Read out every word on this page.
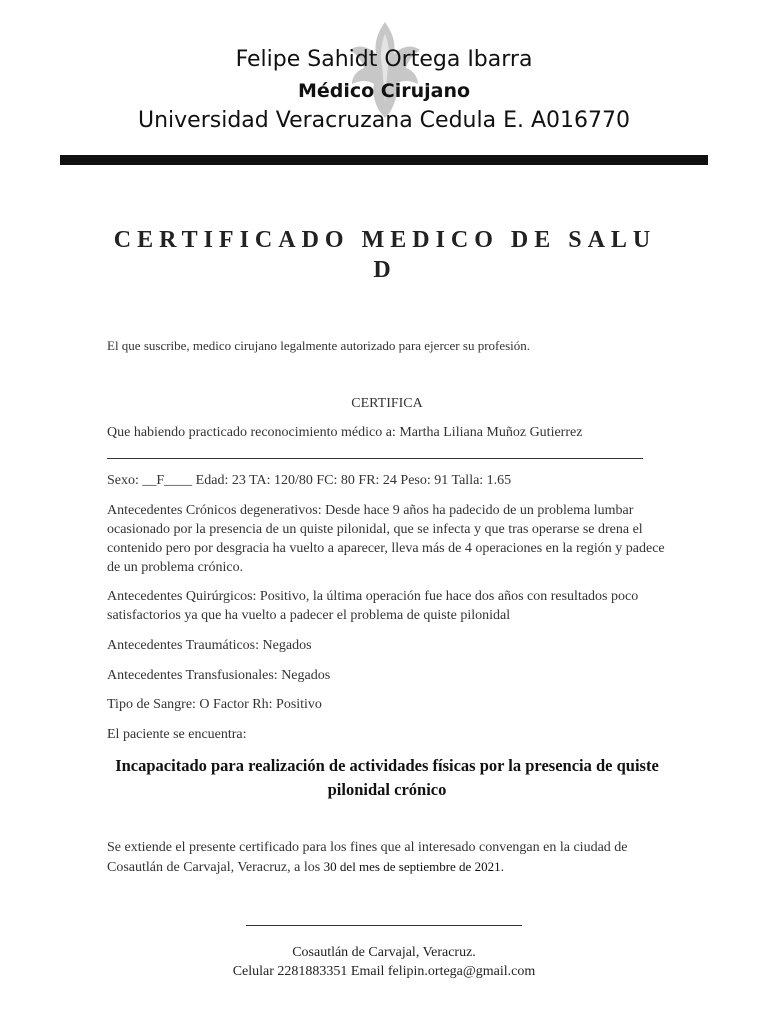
Felipe Sahidt Ortega Ibarra
Médico Cirujano
Universidad Veracruzana Cedula E. A016770
CERTIFICADO MEDICO DE SALU D
El que suscribe, medico cirujano legalmente autorizado para ejercer su profesión.
CERTIFICA
Que habiendo practicado reconocimiento médico a: Martha Liliana Muñoz Gutierrez
Sexo: __F____ Edad: 23 TA: 120/80 FC: 80 FR: 24 Peso: 91 Talla: 1.65
Antecedentes Crónicos degenerativos: Desde hace 9 años ha padecido de un problema lumbar ocasionado por la presencia de un quiste pilonidal, que se infecta y que tras operarse se drena el contenido pero por desgracia ha vuelto a aparecer, lleva más de 4 operaciones en la región y padece de un problema crónico.
Antecedentes Quirúrgicos: Positivo, la última operación fue hace dos años con resultados poco satisfactorios ya que ha vuelto a padecer el problema de quiste pilonidal
Antecedentes Traumáticos: Negados
Antecedentes Transfusionales: Negados
Tipo de Sangre: O Factor Rh: Positivo
El paciente se encuentra:
Incapacitado para realización de actividades físicas por la presencia de quiste pilonidal crónico
Se extiende el presente certificado para los fines que al interesado convengan en la ciudad de Cosautlán de Carvajal, Veracruz, a los 30 del mes de septiembre de 2021.
Cosautlán de Carvajal, Veracruz.
Celular 2281883351 Email felipin.ortega@gmail.com
